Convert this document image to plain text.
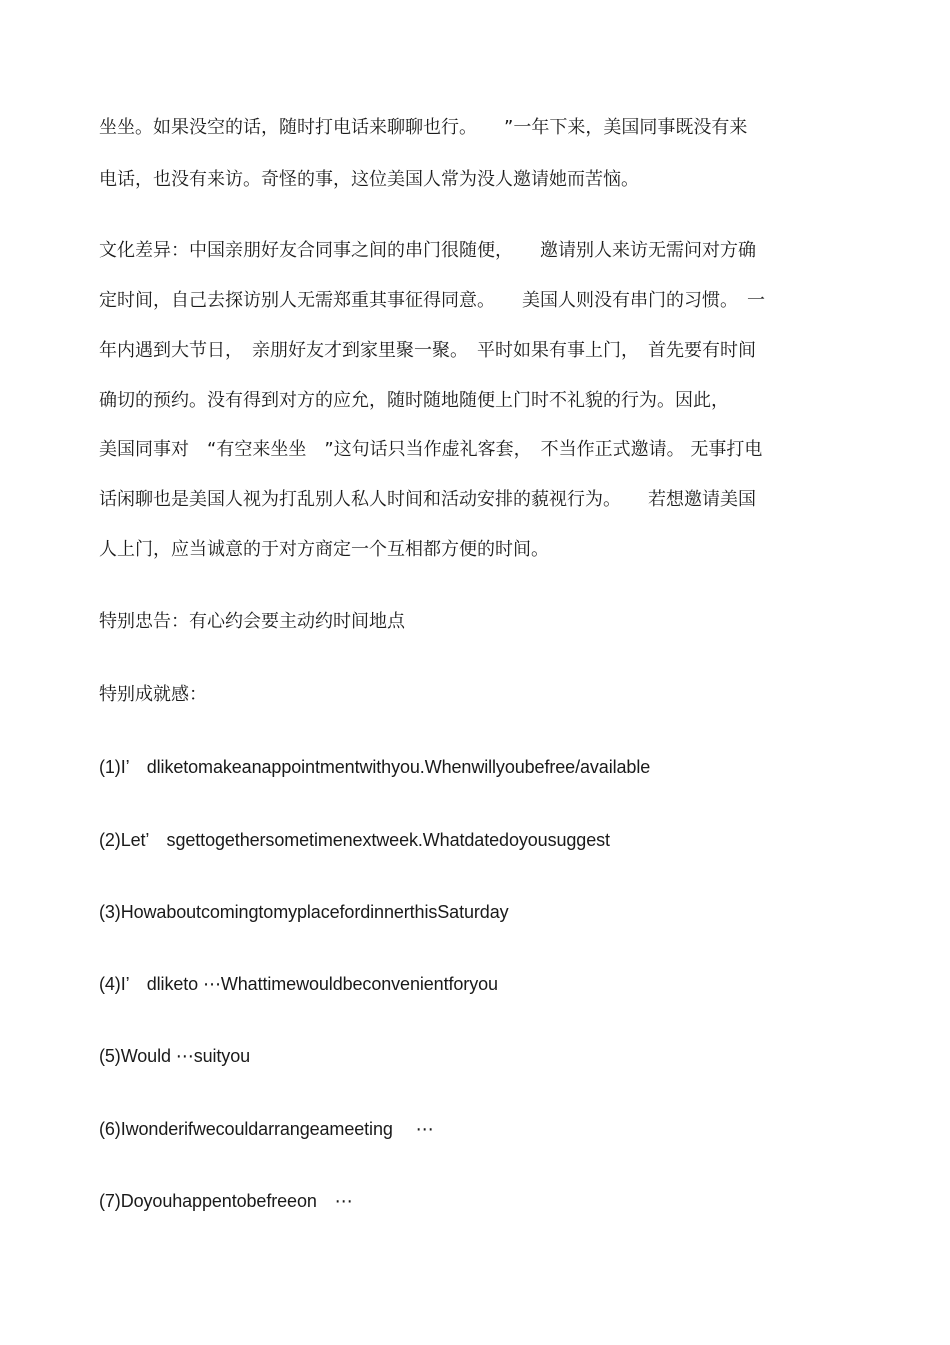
坐坐。如果没空的话，随时打电话来聊聊也行。　　”一年下来，美国同事既没有来
电话，也没有来访。奇怪的事，这位美国人常为没人邀请她而苦恼。
文化差异：中国亲朋好友合同事之间的串门很随便，　　邀请别人来访无需问对方确
定时间，自己去探访别人无需郑重其事征得同意。　　美国人则没有串门的习惯。　一
年内遇到大节日，　亲朋好友才到家里聚一聚。　平时如果有事上门，　首先要有时间
确切的预约。没有得到对方的应允，随时随地随便上门时不礼貌的行为。因此，
美国同事对　“有空来坐坐　”这句话只当作虚礼客套，　不当作正式邀请。 无事打电
话闲聊也是美国人视为打乱别人私人时间和活动安排的藐视行为。　　若想邀请美国
人上门，应当诚意的于对方商定一个互相都方便的时间。

特别忠告：有心约会要主动约时间地点

特别成就感：

(1)I’　dliketomakeanappointmentwithyou.Whenwillyoubefree/available

(2)Let’　sgettogethersometimenextweek.Whatdatedoyousuggest

(3)HowaboutcomingtomyplacefordinnerthisSaturday

(4)I’　dliketo ⋯Whattimewouldbeconvenientforyou

(5)Would ⋯suityou

(6)Iwonderifwecouldarrangeameeting　 ⋯

(7)Doyouhappentobefreeon　⋯
